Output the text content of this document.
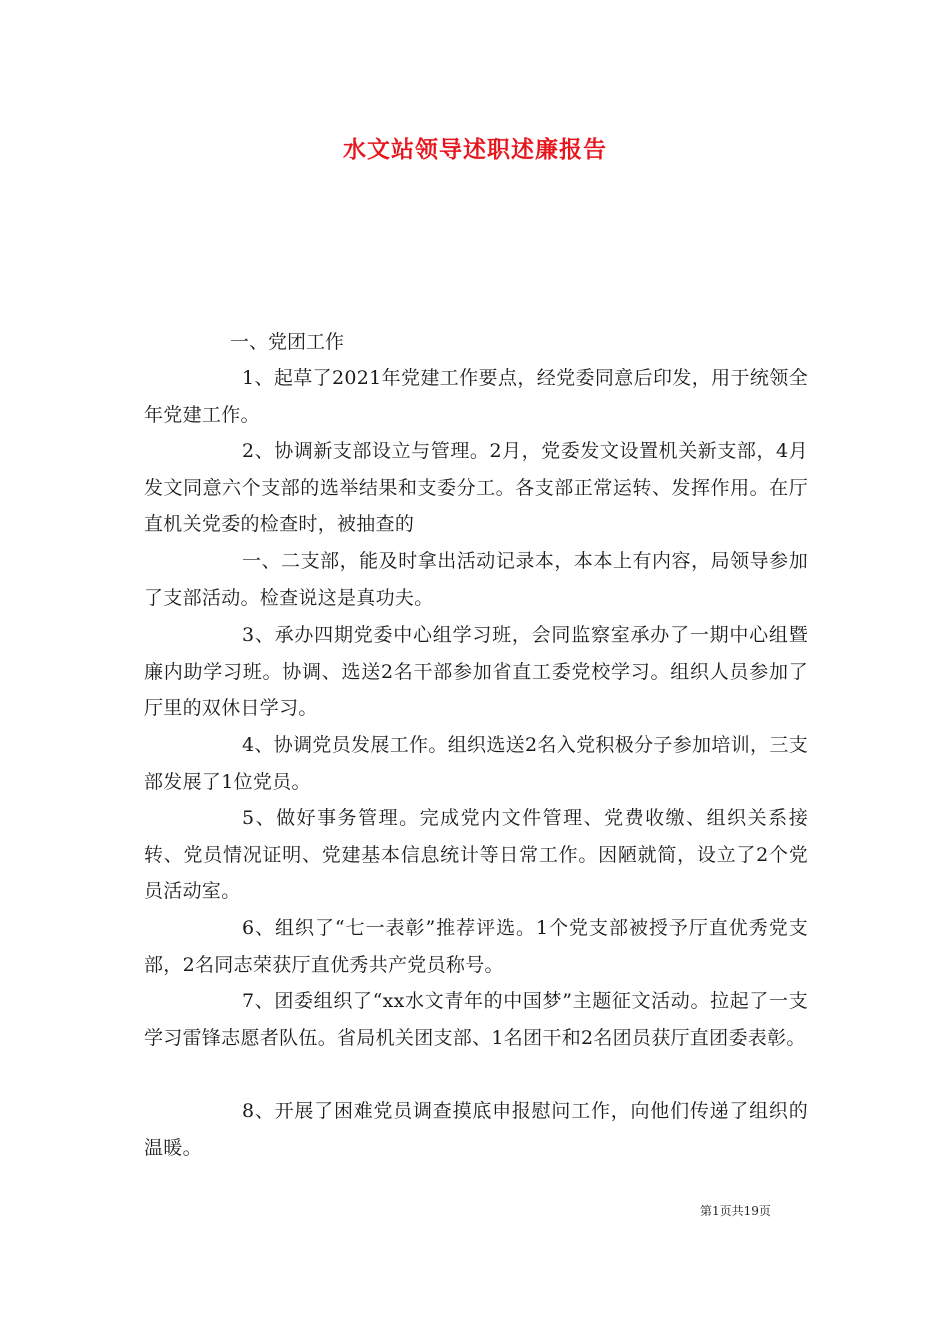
水文站领导述职述廉报告
一、党团工作

1、起草了2021年党建工作要点，经党委同意后印发，用于统领全年党建工作。

2、协调新支部设立与管理。2月，党委发文设置机关新支部，4月发文同意六个支部的选举结果和支委分工。各支部正常运转、发挥作用。在厅直机关党委的检查时，被抽查的

一、二支部，能及时拿出活动记录本，本本上有内容，局领导参加了支部活动。检查说这是真功夫。

3、承办四期党委中心组学习班，会同监察室承办了一期中心组暨廉内助学习班。协调、选送2名干部参加省直工委党校学习。组织人员参加了厅里的双休日学习。

4、协调党员发展工作。组织选送2名入党积极分子参加培训，三支部发展了1位党员。

5、做好事务管理。完成党内文件管理、党费收缴、组织关系接转、党员情况证明、党建基本信息统计等日常工作。因陋就简，设立了2个党员活动室。

6、组织了“七一表彰”推荐评选。1个党支部被授予厅直优秀党支部，2名同志荣获厅直优秀共产党员称号。

7、团委组织了“xx水文青年的中国梦”主题征文活动。拉起了一支学习雷锋志愿者队伍。省局机关团支部、1名团干和2名团员获厅直团委表彰。

8、开展了困难党员调查摸底申报慰问工作，向他们传递了组织的温暖。

第1页共19页
